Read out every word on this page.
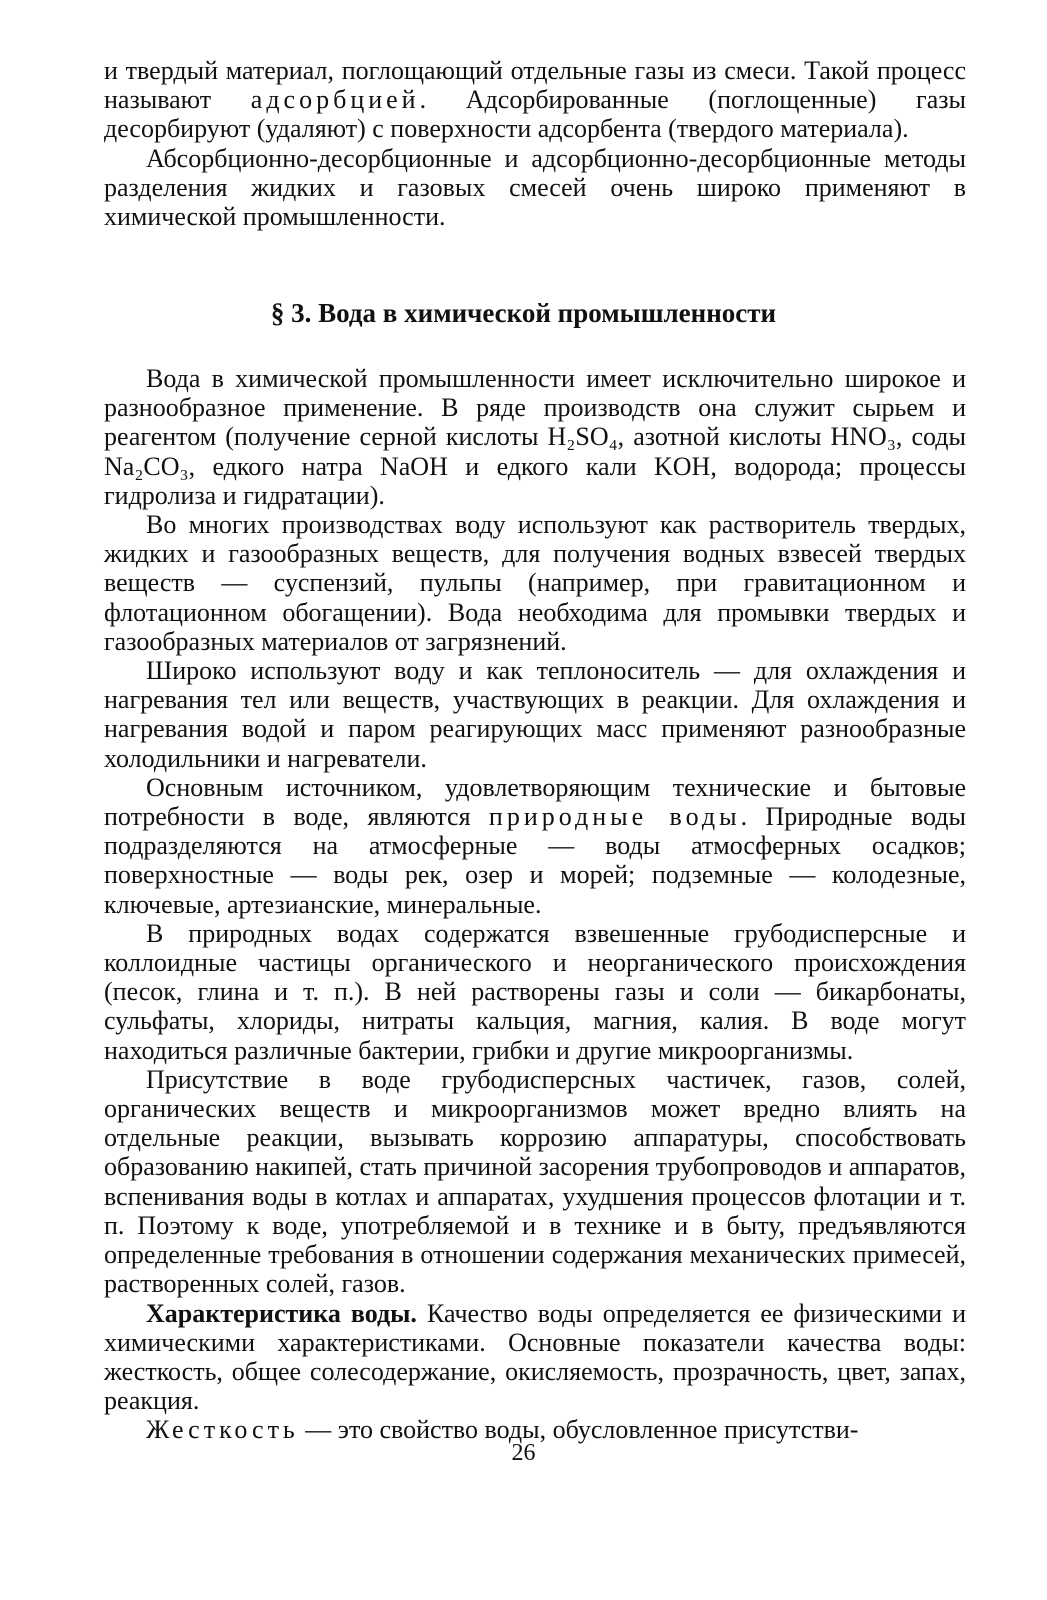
и твердый материал, поглощающий отдельные газы из смеси. Такой процесс называют адсорбцией. Адсорбированные (поглощенные) газы десорбируют (удаляют) с поверхности адсорбента (твердого материала).

Абсорбционно-десорбционные и адсорбционно-десорбционные методы разделения жидких и газовых смесей очень широко применяют в химической промышленности.

§ 3. Вода в химической промышленности

Вода в химической промышленности имеет исключительно широкое и разнообразное применение. В ряде производств она служит сырьем и реагентом (получение серной кислоты H₂SO₄, азотной кислоты HNO₃, соды Na₂CO₃, едкого натра NaOH и едкого кали KOH, водорода; процессы гидролиза и гидратации).

Во многих производствах воду используют как растворитель твердых, жидких и газообразных веществ, для получения водных взвесей твердых веществ — суспензий, пульпы (например, при гравитационном и флотационном обогащении). Вода необходима для промывки твердых и газообразных материалов от загрязнений.

Широко используют воду и как теплоноситель — для охлаждения и нагревания тел или веществ, участвующих в реакции. Для охлаждения и нагревания водой и паром реагирующих масс применяют разнообразные холодильники и нагреватели.

Основным источником, удовлетворяющим технические и бытовые потребности в воде, являются природные воды. Природные воды подразделяются на атмосферные — воды атмосферных осадков; поверхностные — воды рек, озер и морей; подземные — колодезные, ключевые, артезианские, минеральные.

В природных водах содержатся взвешенные грубодисперсные и коллоидные частицы органического и неорганического происхождения (песок, глина и т. п.). В ней растворены газы и соли — бикарбонаты, сульфаты, хлориды, нитраты кальция, магния, калия. В воде могут находиться различные бактерии, грибки и другие микроорганизмы.

Присутствие в воде грубодисперсных частичек, газов, солей, органических веществ и микроорганизмов может вредно влиять на отдельные реакции, вызывать коррозию аппаратуры, способствовать образованию накипей, стать причиной засорения трубопроводов и аппаратов, вспенивания воды в котлах и аппаратах, ухудшения процессов флотации и т. п. Поэтому к воде, употребляемой и в технике и в быту, предъявляются определенные требования в отношении содержания механических примесей, растворенных солей, газов.

Характеристика воды. Качество воды определяется ее физическими и химическими характеристиками. Основные показатели качества воды: жесткость, общее солесодержание, окисляемость, прозрачность, цвет, запах, реакция.

Жесткость — это свойство воды, обусловленное присутстви-

26
